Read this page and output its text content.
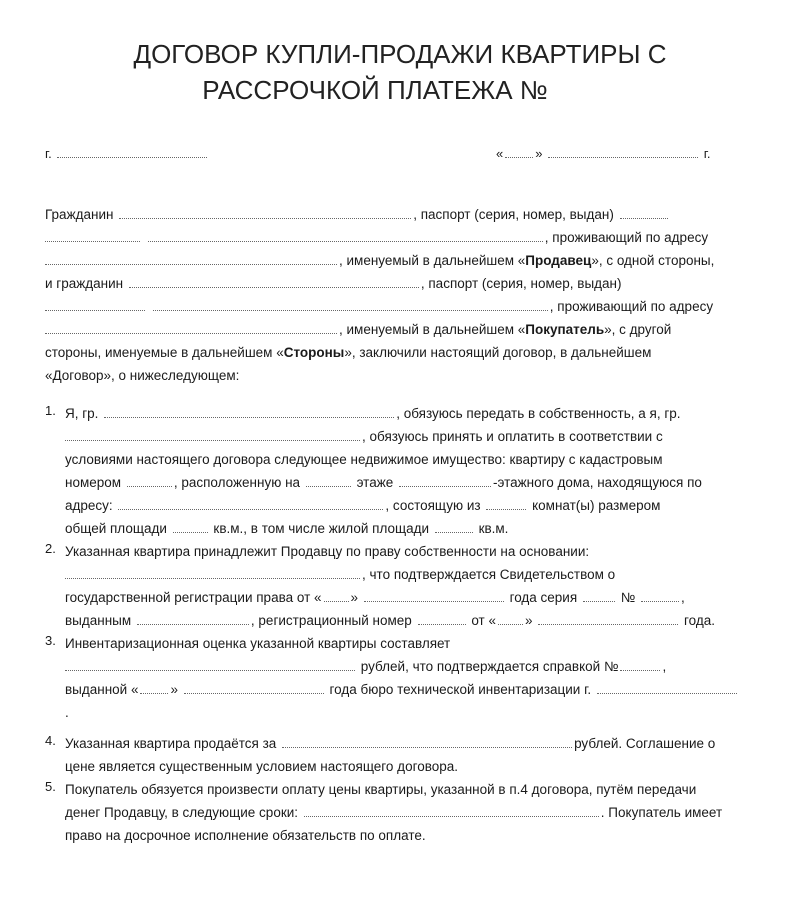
ДОГОВОР КУПЛИ-ПРОДАЖИ КВАРТИРЫ С
РАССРОЧКОЙ ПЛАТЕЖА №
г.	« »	г.
Гражданин	, паспорт (серия, номер, выдан)
, проживающий по адресу
, именуемый в дальнейшем «Продавец», с одной стороны,
и гражданин	, паспорт (серия, номер, выдан)
, проживающий по адресу
, именуемый в дальнейшем «Покупатель», с другой
стороны, именуемые в дальнейшем «Стороны», заключили настоящий договор, в дальнейшем
«Договор», о нижеследующем:
1. Я, гр.	, обязуюсь передать в собственность, а я, гр.
, обязуюсь принять и оплатить в соответствии с
условиями настоящего договора следующее недвижимое имущество: квартиру с кадастровым
номером	, расположенную на	этаже	-этажного дома, находящуюся по
адресу:	, состоящую из	комнат(ы) размером
общей площади	кв.м., в том числе жилой площади	кв.м.
2. Указанная квартира принадлежит Продавцу по праву собственности на основании:
, что подтверждается Свидетельством о
государственной регистрации права от « »	года серия	№	,
выданным	, регистрационный номер	от « »	года.
3. Инвентаризационная оценка указанной квартиры составляет
рублей, что подтверждается справкой №	,
выданной « »	года бюро технической инвентаризации г.
.
4. Указанная квартира продаётся за	рублей. Соглашение о
цене является существенным условием настоящего договора.
5. Покупатель обязуется произвести оплату цены квартиры, указанной в п.4 договора, путём передачи
денег Продавцу, в следующие сроки:	. Покупатель имеет
право на досрочное исполнение обязательств по оплате.
